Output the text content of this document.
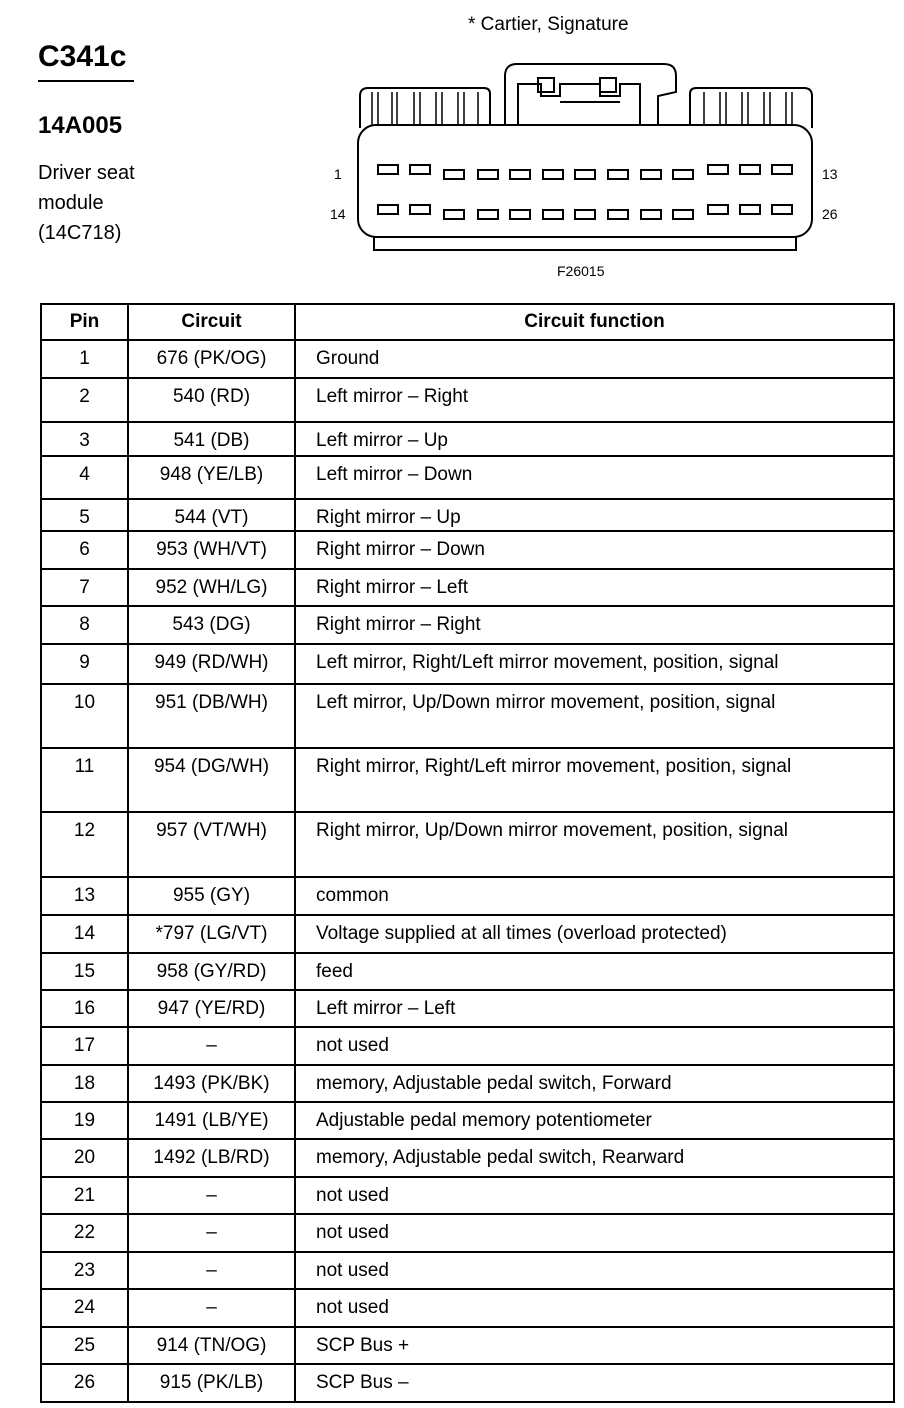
C341c
14A005
Driver seat
module
(14C718)
* Cartier, Signature
1	13
14	26
F26015
Pin	Circuit	Circuit function
1	676 (PK/OG)	Ground
2	540 (RD)	Left mirror – Right
3	541 (DB)	Left mirror – Up
4	948 (YE/LB)	Left mirror – Down
5	544 (VT)	Right mirror – Up
6	953 (WH/VT)	Right mirror – Down
7	952 (WH/LG)	Right mirror – Left
8	543 (DG)	Right mirror – Right
9	949 (RD/WH)	Left mirror, Right/Left mirror movement, position, signal
10	951 (DB/WH)	Left mirror, Up/Down mirror movement, position, signal
11	954 (DG/WH)	Right mirror, Right/Left mirror movement, position, signal
12	957 (VT/WH)	Right mirror, Up/Down mirror movement, position, signal
13	955 (GY)	common
14	*797 (LG/VT)	Voltage supplied at all times (overload protected)
15	958 (GY/RD)	feed
16	947 (YE/RD)	Left mirror – Left
17	–	not used
18	1493 (PK/BK)	memory, Adjustable pedal switch, Forward
19	1491 (LB/YE)	Adjustable pedal memory potentiometer
20	1492 (LB/RD)	memory, Adjustable pedal switch, Rearward
21	–	not used
22	–	not used
23	–	not used
24	–	not used
25	914 (TN/OG)	SCP Bus +
26	915 (PK/LB)	SCP Bus –
